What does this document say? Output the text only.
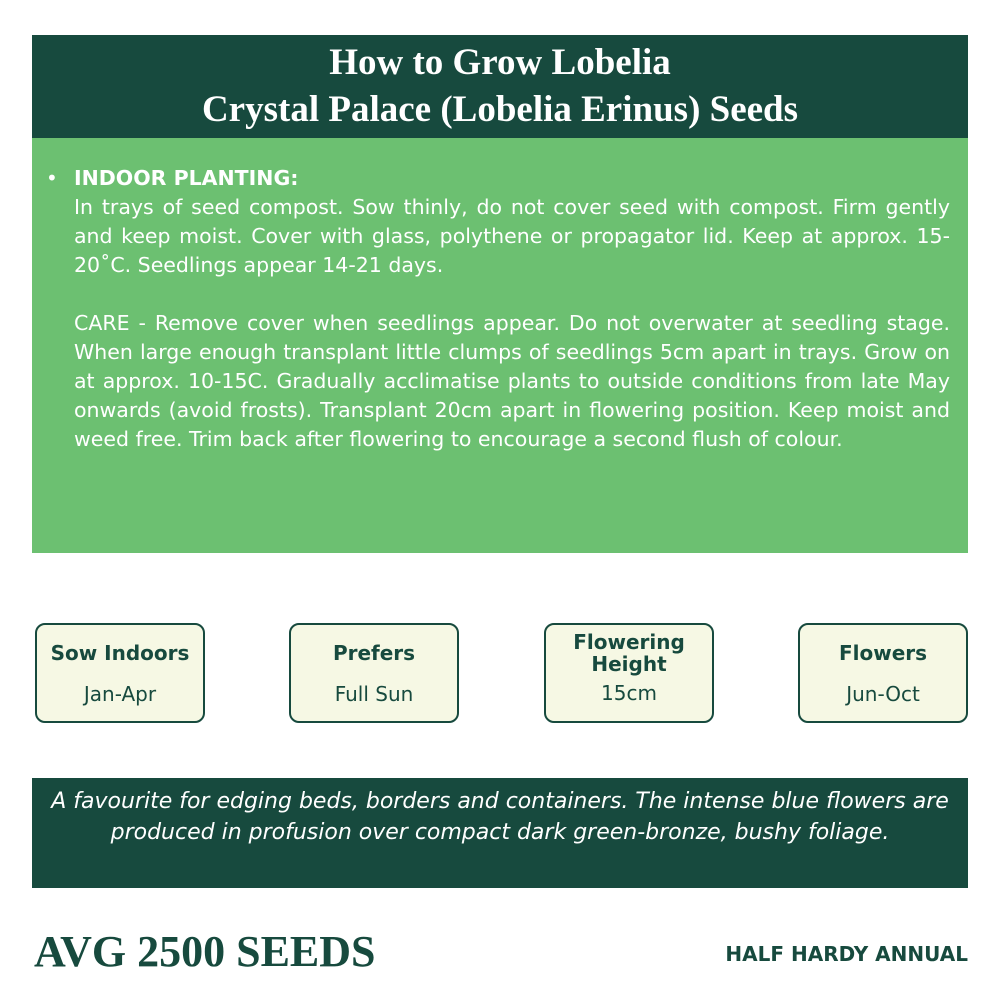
How to Grow Lobelia
Crystal Palace (Lobelia Erinus) Seeds
• INDOOR PLANTING:
In trays of seed compost. Sow thinly, do not cover seed with compost. Firm gently and keep moist. Cover with glass, polythene or propagator lid. Keep at approx. 15-20˚C. Seedlings appear 14-21 days.
CARE - Remove cover when seedlings appear. Do not overwater at seedling stage. When large enough transplant little clumps of seedlings 5cm apart in trays. Grow on at approx. 10-15C. Gradually acclimatise plants to outside conditions from late May onwards (avoid frosts). Transplant 20cm apart in flowering position. Keep moist and weed free. Trim back after flowering to encourage a second flush of colour.
Sow Indoors
Jan-Apr
Prefers
Full Sun
Flowering
Height
15cm
Flowers
Jun-Oct
A favourite for edging beds, borders and containers. The intense blue flowers are produced in profusion over compact dark green-bronze, bushy foliage.
AVG 2500 SEEDS	HALF HARDY ANNUAL
